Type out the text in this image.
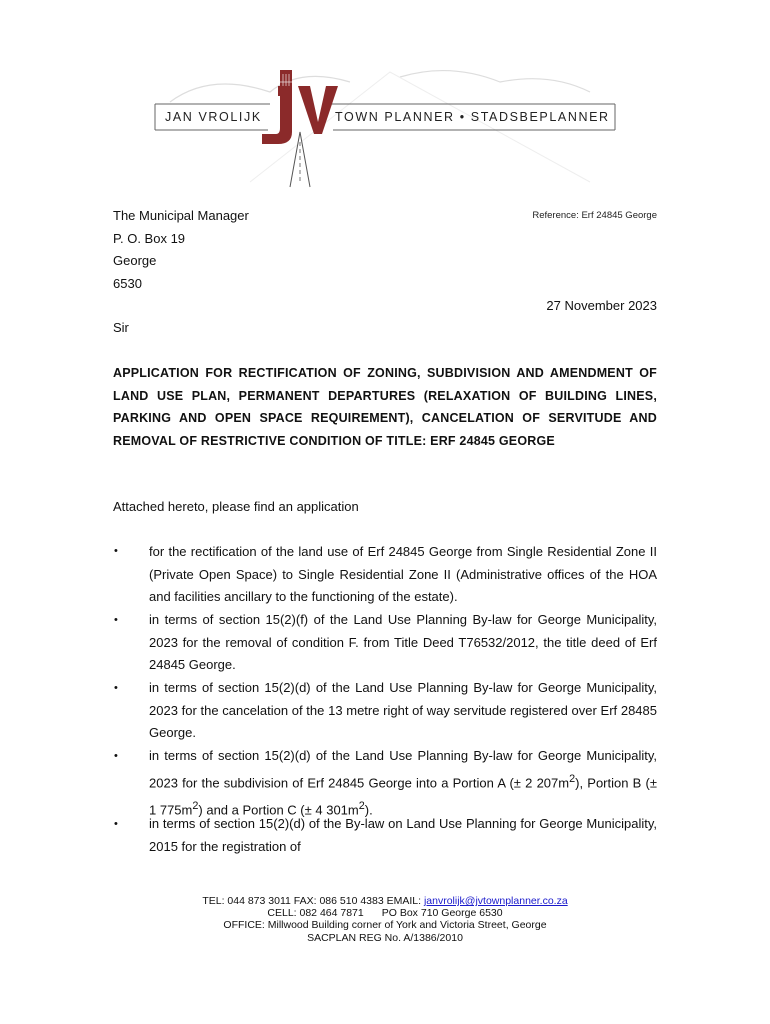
JAN VROLIJK	TOWN PLANNER • STADSBEPLANNER
The Municipal Manager
P. O. Box 19
George
6530
Reference: Erf 24845 George
27 November 2023
Sir

APPLICATION FOR RECTIFICATION OF ZONING, SUBDIVISION AND AMENDMENT OF LAND USE PLAN, PERMANENT DEPARTURES (RELAXATION OF BUILDING LINES, PARKING AND OPEN SPACE REQUIREMENT), CANCELATION OF SERVITUDE AND REMOVAL OF RESTRICTIVE CONDITION OF TITLE: ERF 24845 GEORGE

Attached hereto, please find an application
• for the rectification of the land use of Erf 24845 George from Single Residential Zone II (Private Open Space) to Single Residential Zone II (Administrative offices of the HOA and facilities ancillary to the functioning of the estate).

• in terms of section 15(2)(f) of the Land Use Planning By-law for George Municipality, 2023 for the removal of condition F. from Title Deed T76532/2012, the title deed of Erf 24845 George.

• in terms of section 15(2)(d) of the Land Use Planning By-law for George Municipality, 2023 for the cancelation of the 13 metre right of way servitude registered over Erf 28485 George.

• in terms of section 15(2)(d) of the Land Use Planning By-law for George Municipality, 2023 for the subdivision of Erf 24845 George into a Portion A (± 2 $207m^2$), Portion B (± 1 $775m^2$) and a Portion C (± 4 $301m^2$).

• in terms of section 15(2)(d) of the By-law on Land Use Planning for George Municipality, 2015 for the registration of

TEL: 044 873 3011 FAX: 086 510 4383 EMAIL: janvrolijk@jvtownplanner.co.za
CELL: 082 464 7871 PO Box 710 George 6530
OFFICE: Millwood Building corner of York and Victoria Street, George
SACPLAN REG No. A/1386/2010
